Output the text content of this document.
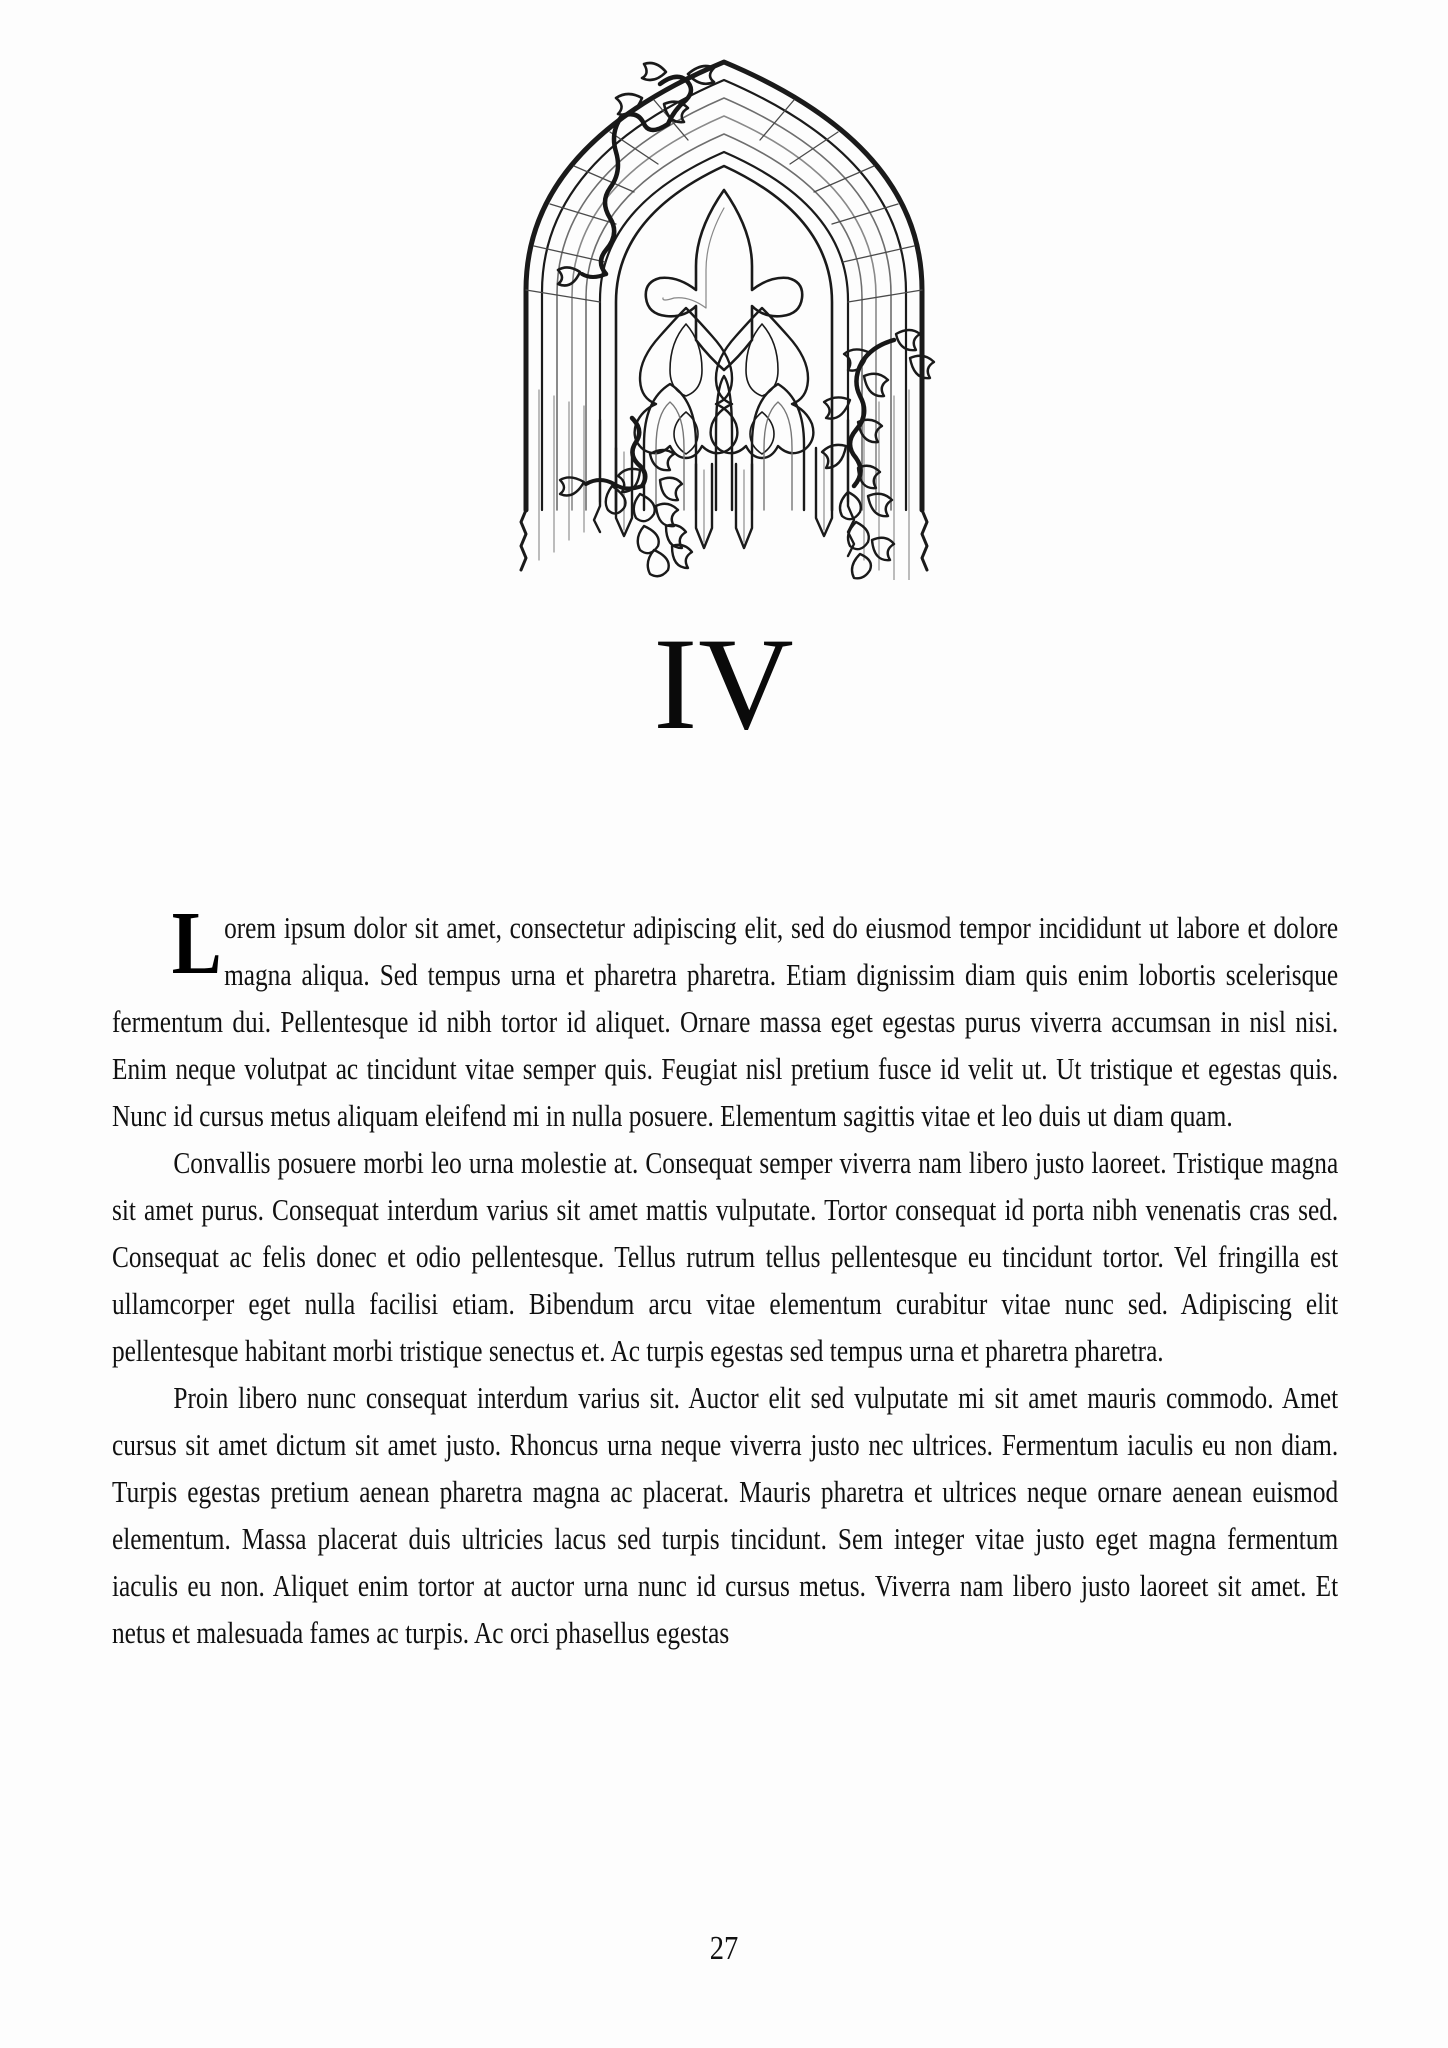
IV

Lorem ipsum dolor sit amet, consectetur adipiscing elit, sed do eiusmod tempor incididunt ut labore et dolore magna aliqua. Sed tempus urna et pharetra pharetra. Etiam dignissim diam quis enim lobortis scelerisque fermentum dui. Pellentesque id nibh tortor id aliquet. Ornare massa eget egestas purus viverra accumsan in nisl nisi. Enim neque volutpat ac tincidunt vitae semper quis. Feugiat nisl pretium fusce id velit ut. Ut tristique et egestas quis. Nunc id cursus metus aliquam eleifend mi in nulla posuere. Elementum sagittis vitae et leo duis ut diam quam.

Convallis posuere morbi leo urna molestie at. Consequat semper viverra nam libero justo laoreet. Tristique magna sit amet purus. Consequat interdum varius sit amet mattis vulputate. Tortor consequat id porta nibh venenatis cras sed. Consequat ac felis donec et odio pellentesque. Tellus rutrum tellus pellentesque eu tincidunt tortor. Vel fringilla est ullamcorper eget nulla facilisi etiam. Bibendum arcu vitae elementum curabitur vitae nunc sed. Adipiscing elit pellentesque habitant morbi tristique senectus et. Ac turpis egestas sed tempus urna et pharetra pharetra.

Proin libero nunc consequat interdum varius sit. Auctor elit sed vulputate mi sit amet mauris commodo. Amet cursus sit amet dictum sit amet justo. Rhoncus urna neque viverra justo nec ultrices. Fermentum iaculis eu non diam. Turpis egestas pretium aenean pharetra magna ac placerat. Mauris pharetra et ultrices neque ornare aenean euismod elementum. Massa placerat duis ultricies lacus sed turpis tincidunt. Sem integer vitae justo eget magna fermentum iaculis eu non. Aliquet enim tortor at auctor urna nunc id cursus metus. Viverra nam libero justo laoreet sit amet. Et netus et malesuada fames ac turpis. Ac orci phasellus egestas

27
